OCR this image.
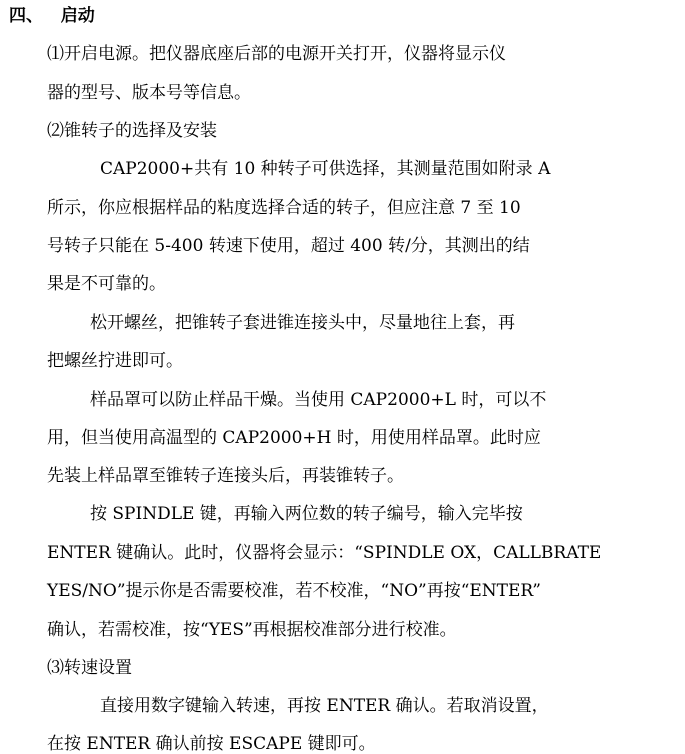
四、   启动
⑴开启电源。把仪器底座后部的电源开关打开，仪器将显示仪
器的型号、版本号等信息。
⑵锥转子的选择及安装
CAP2000+共有 10 种转子可供选择，其测量范围如附录 A
所示，你应根据样品的粘度选择合适的转子，但应注意 7 至 10
号转子只能在 5-400 转速下使用，超过 400 转/分，其测出的结
果是不可靠的。
松开螺丝，把锥转子套进锥连接头中，尽量地往上套，再
把螺丝拧进即可。
样品罩可以防止样品干燥。当使用 CAP2000+L 时，可以不
用，但当使用高温型的 CAP2000+H 时，用使用样品罩。此时应
先装上样品罩至锥转子连接头后，再装锥转子。
按 SPINDLE 键，再输入两位数的转子编号，输入完毕按
ENTER 键确认。此时，仪器将会显示：“SPINDLE OX，CALLBRATE
YES/NO”提示你是否需要校准，若不校准，“NO”再按“ENTER”
确认，若需校准，按“YES”再根据校准部分进行校准。
⑶转速设置
直接用数字键输入转速，再按 ENTER 确认。若取消设置，
在按 ENTER 确认前按 ESCAPE 键即可。
